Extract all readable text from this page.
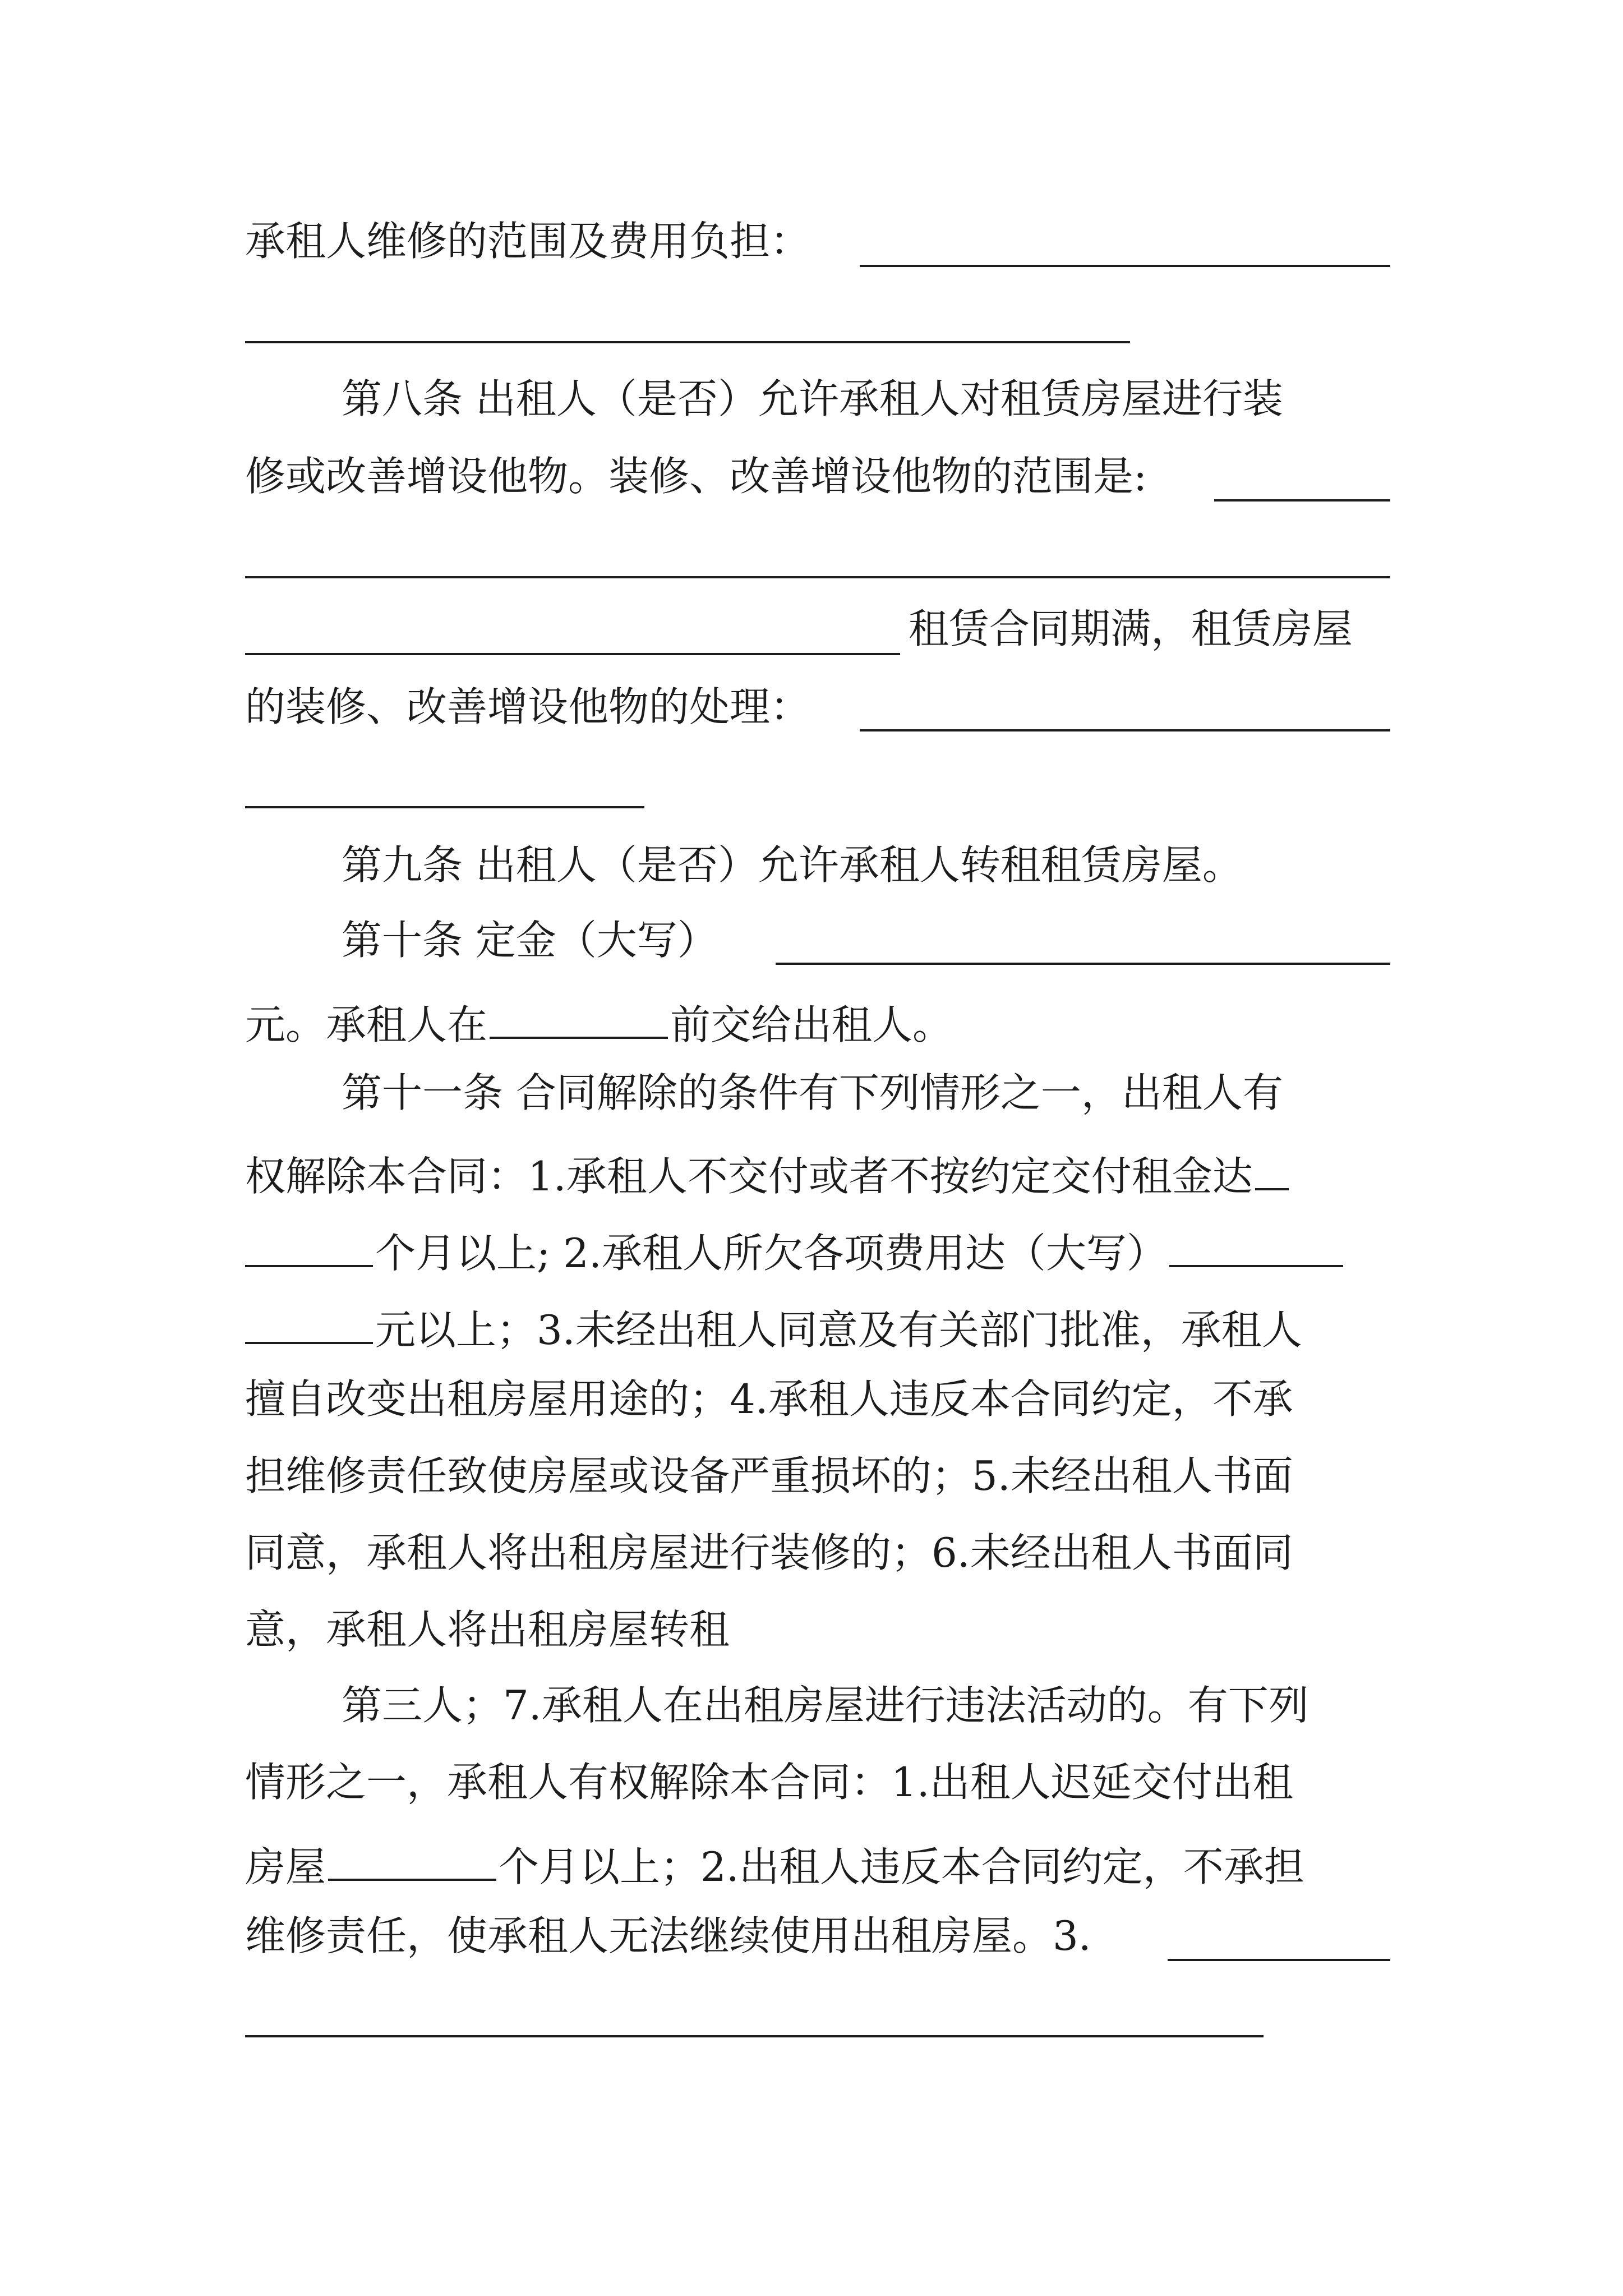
承租人维修的范围及费用负担：
第八条 出租人（是否）允许承租人对租赁房屋进行装
修或改善增设他物。装修、改善增设他物的范围是:
租赁合同期满，租赁房屋
的装修、改善增设他物的处理：
第九条 出租人（是否）允许承租人转租租赁房屋。
第十条 定金（大写）
元。承租人在	前交给出租人。
第十一条 合同解除的条件有下列情形之一，出租人有
权解除本合同：1.承租人不交付或者不按约定交付租金达
个月以上; 2.承租人所欠各项费用达（大写）
元以上；3.未经出租人同意及有关部门批准，承租人
擅自改变出租房屋用途的；4.承租人违反本合同约定，不承
担维修责任致使房屋或设备严重损坏的；5.未经出租人书面
同意，承租人将出租房屋进行装修的；6.未经出租人书面同
意，承租人将出租房屋转租
第三人；7.承租人在出租房屋进行违法活动的。有下列
情形之一，承租人有权解除本合同：1.出租人迟延交付出租
房屋	个月以上；2.出租人违反本合同约定，不承担
维修责任，使承租人无法继续使用出租房屋。3.
